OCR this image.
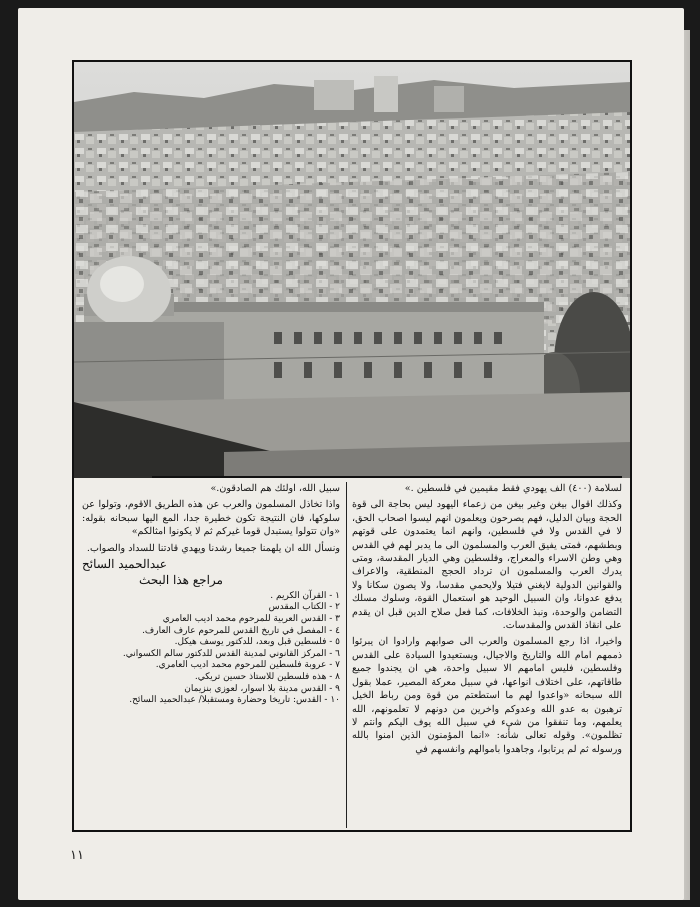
لسلامة (٤٠٠) الف يهودي فقط مقيمين في فلسطين .»

وكذلك اقوال بيغن وغير بيغن من زعماء اليهود ليس بحاجة الى قوة الحجة وبيان الدليل، فهم يصرحون ويعلمون انهم ليسوا اصحاب الحق، لا في القدس ولا في فلسطين، وانهم انما يعتمدون على قوتهم وبطشهم، فمتى يفيق العرب والمسلمون الى ما يدبر لهم في القدس وهي وطن الاسراء والمعراج، وفلسطين وهي الديار المقدسة، ومتى يدرك العرب والمسلمون ان ترداد الحجج المنطقية، والاعراف والقوانين الدولية لايغني فتيلا ولايحمي مقدسا، ولا يصون سكانا ولا يدفع عدوانا، وان السبيل الوحيد هو استعمال القوة، وسلوك مسلك التضامن والوحدة، ونبذ الخلافات، كما فعل صلاح الدين قبل ان يقدم على انقاذ القدس والمقدسات.

واخيرا، اذا رجع المسلمون والعرب الى صوابهم وارادوا ان يبرئوا ذممهم امام الله والتاريخ والاجيال، ويستعيدوا السيادة على القدس وفلسطين، فليس امامهم الا سبيل واحدة، هي ان يجندوا جميع طاقاتهم، على اختلاف انواعها، في سبيل معركة المصير، عملا بقول الله سبحانه «واعدوا لهم ما استطعتم من قوة ومن رباط الخيل ترهبون به عدو الله وعدوكم واخرين من دونهم لا تعلمونهم، الله يعلمهم، وما تنفقوا من شيء في سبيل الله يوف اليكم وانتم لا تظلمون». وقوله تعالى شأنه: «انما المؤمنون الذين امنوا بالله ورسوله ثم لم يرتابوا، وجاهدوا باموالهم وانفسهم في

سبيل الله، اولئك هم الصادقون.»

واذا تخاذل المسلمون والعرب عن هذه الطريق الاقوم، وتولوا عن سلوكها، فان النتيجة تكون خطيرة جدا، المع اليها سبحانه بقوله: «وان تتولوا يستبدل قوما غيركم ثم لا يكونوا امثالكم»

ونسأل الله ان يلهمنا جميعا رشدنا ويهدي قادتنا للسداد والصواب.

عبدالحميد السائح

مراجع هذا البحث

١ - القرآن الكريم .
٢ - الكتاب المقدس
٣ - القدس العربية للمرحوم محمد اديب العامري
٤ - المفصل في تاريخ القدس للمرحوم عارف العارف.
٥ - فلسطين قبل وبعد، للدكتور يوسف هيكل.
٦ - المركز القانوني لمدينة القدس للدكتور سالم الكسواني.
٧ - عروبة فلسطين للمرحوم محمد اديب العامري.
٨ - هذه فلسطين للاستاذ حسين تريكي.
٩ - القدس مدينة بلا اسوار، لعوزي بنزيمان
١٠ - القدس: تاريخا وحضارة ومستقبلا/ عبدالحميد السائح.
١١
